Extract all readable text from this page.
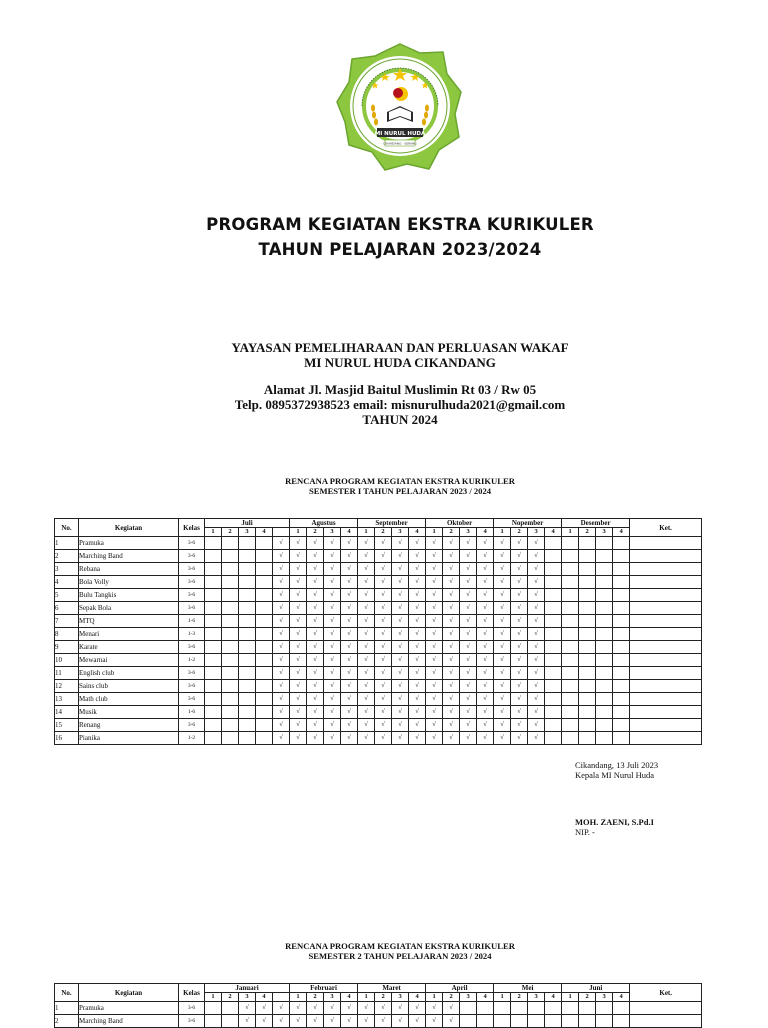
MI NURUL HUDA
CIKANDANG - SERANG
PROGRAM KEGIATAN EKSTRA KURIKULER
TAHUN PELAJARAN 2023/2024
YAYASAN PEMELIHARAAN DAN PERLUASAN WAKAF
MI NURUL HUDA CIKANDANG
Alamat Jl. Masjid Baitul Muslimin Rt 03 / Rw 05
Telp. 0895372938523 email: misnurulhuda2021@gmail.com
TAHUN 2024
RENCANA PROGRAM KEGIATAN EKSTRA KURIKULER
SEMESTER I TAHUN PELAJARAN 2023 / 2024
No.	Kegiatan	Kelas	Juli					Agustus				September				Oktober				Nopember				Desember				Ket.
			1	2	3	4		1	2	3	4	1	2	3	4	1	2	3	4	1	2	3	4	1	2	3	4	
1	Pramuka	3-6					√	√	√	√	√	√	√	√	√	√	√	√	√	√	√	√						
2	Marching Band	3-6					√	√	√	√	√	√	√	√	√	√	√	√	√	√	√	√						
3	Rebana	3-6					√	√	√	√	√	√	√	√	√	√	√	√	√	√	√	√						
4	Bola Volly	3-6					√	√	√	√	√	√	√	√	√	√	√	√	√	√	√	√						
5	Bulu Tangkis	3-6					√	√	√	√	√	√	√	√	√	√	√	√	√	√	√	√						
6	Sepak Bola	3-6					√	√	√	√	√	√	√	√	√	√	√	√	√	√	√	√						
7	MTQ	1-6					√	√	√	√	√	√	√	√	√	√	√	√	√	√	√	√						
8	Menari	1-3					√	√	√	√	√	√	√	√	√	√	√	√	√	√	√	√						
9	Karate	3-6					√	√	√	√	√	√	√	√	√	√	√	√	√	√	√	√						
10	Mewarnai	1-2					√	√	√	√	√	√	√	√	√	√	√	√	√	√	√	√						
11	English club	3-6					√	√	√	√	√	√	√	√	√	√	√	√	√	√	√	√						
12	Sains club	3-6					√	√	√	√	√	√	√	√	√	√	√	√	√	√	√	√						
13	Math club	3-6					√	√	√	√	√	√	√	√	√	√	√	√	√	√	√	√						
14	Musik	1-6					√	√	√	√	√	√	√	√	√	√	√	√	√	√	√	√						
15	Renang	3-6					√	√	√	√	√	√	√	√	√	√	√	√	√	√	√	√						
16	Pianika	1-2					√	√	√	√	√	√	√	√	√	√	√	√	√	√	√	√						
Cikandang, 13 Juli 2023
Kepala MI Nurul Huda
MOH. ZAENI, S.Pd.I
NIP. -
RENCANA PROGRAM KEGIATAN EKSTRA KURIKULER
SEMESTER 2 TAHUN PELAJARAN 2023 / 2024
No.	Kegiatan	Kelas	Januari					Februari				Maret				April				Mei				Juni				Ket.
			1	2	3	4		1	2	3	4	1	2	3	4	1	2	3	4	1	2	3	4	1	2	3	4	
1	Pramuka	3-6			√	√	√	√	√	√	√	√	√	√	√	√	√											
2	Marching Band	3-6			√	√	√	√	√	√	√	√	√	√	√	√	√											
